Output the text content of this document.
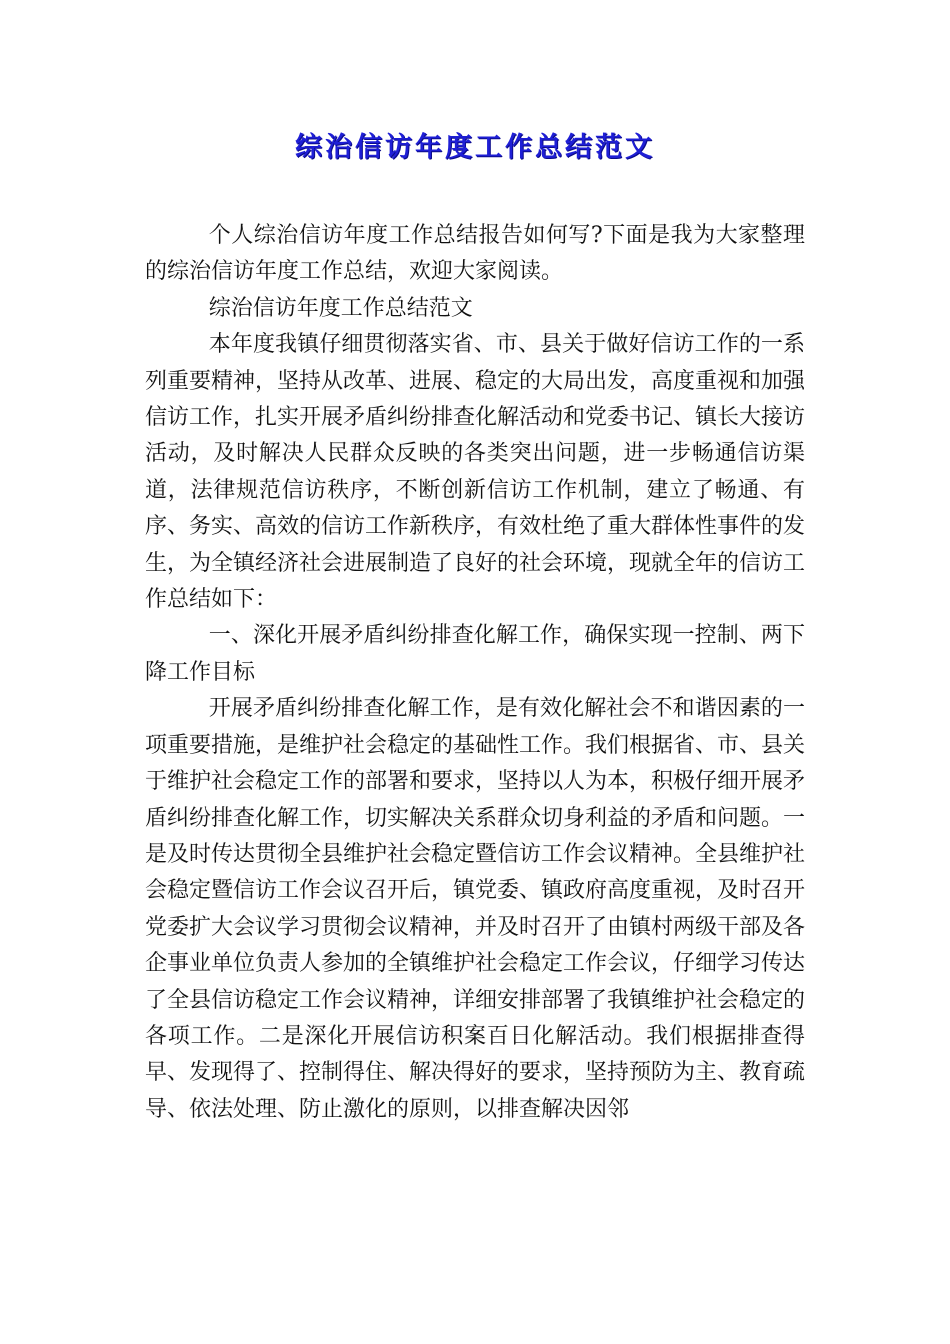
综治信访年度工作总结范文

个人综治信访年度工作总结报告如何写?下面是我为大家整理的综治信访年度工作总结，欢迎大家阅读。

综治信访年度工作总结范文

本年度我镇仔细贯彻落实省、市、县关于做好信访工作的一系列重要精神，坚持从改革、进展、稳定的大局出发，高度重视和加强信访工作，扎实开展矛盾纠纷排查化解活动和党委书记、镇长大接访活动，及时解决人民群众反映的各类突出问题，进一步畅通信访渠道，法律规范信访秩序，不断创新信访工作机制，建立了畅通、有序、务实、高效的信访工作新秩序，有效杜绝了重大群体性事件的发生，为全镇经济社会进展制造了良好的社会环境，现就全年的信访工作总结如下：

一、深化开展矛盾纠纷排查化解工作，确保实现一控制、两下降工作目标

开展矛盾纠纷排查化解工作，是有效化解社会不和谐因素的一项重要措施，是维护社会稳定的基础性工作。我们根据省、市、县关于维护社会稳定工作的部署和要求，坚持以人为本，积极仔细开展矛盾纠纷排查化解工作，切实解决关系群众切身利益的矛盾和问题。一是及时传达贯彻全县维护社会稳定暨信访工作会议精神。全县维护社会稳定暨信访工作会议召开后，镇党委、镇政府高度重视，及时召开党委扩大会议学习贯彻会议精神，并及时召开了由镇村两级干部及各企事业单位负责人参加的全镇维护社会稳定工作会议，仔细学习传达了全县信访稳定工作会议精神，详细安排部署了我镇维护社会稳定的各项工作。二是深化开展信访积案百日化解活动。我们根据排查得早、发现得了、控制得住、解决得好的要求，坚持预防为主、教育疏导、依法处理、防止激化的原则，以排查解决因邻
